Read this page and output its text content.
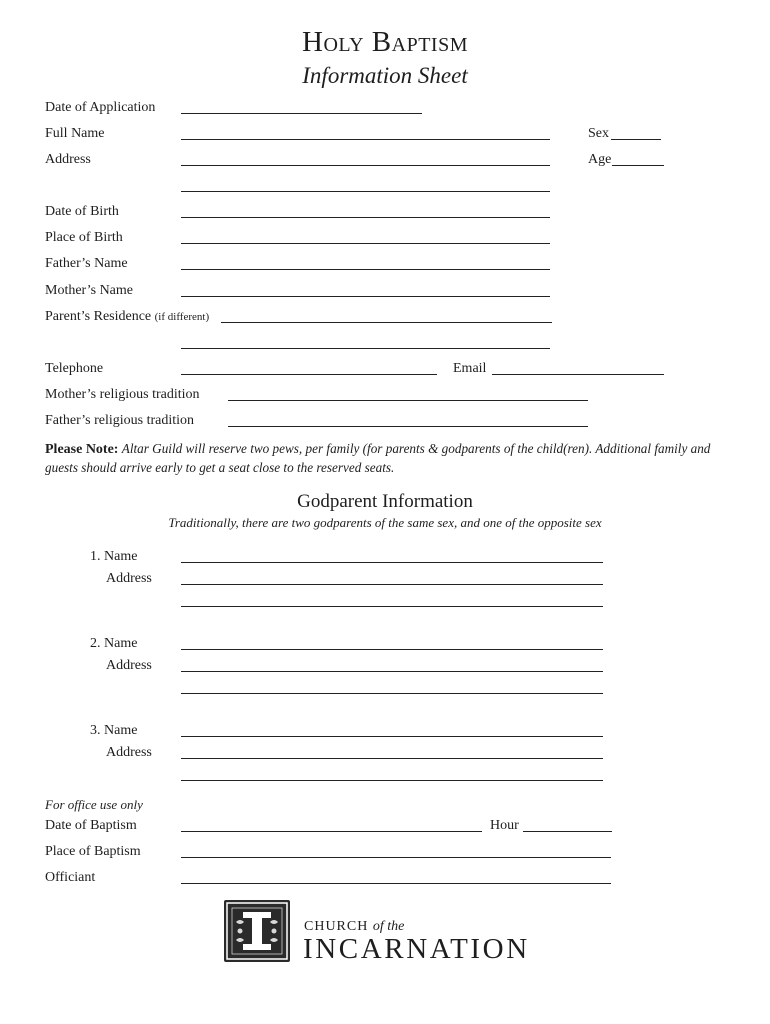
Holy Baptism
Information Sheet
Date of Application
Full Name	Sex
Address	Age
Date of Birth
Place of Birth
Father’s Name
Mother’s Name
Parent’s Residence (if different)
Telephone	Email
Mother’s religious tradition
Father’s religious tradition
Please Note: Altar Guild will reserve two pews, per family (for parents & godparents of the child(ren). Additional family and guests should arrive early to get a seat close to the reserved seats.
Godparent Information
Traditionally, there are two godparents of the same sex, and one of the opposite sex
1. Name
Address
2. Name
Address
3. Name
Address
For office use only
Date of Baptism	Hour
Place of Baptism
Officiant
CHURCH of the
INCARNATION
